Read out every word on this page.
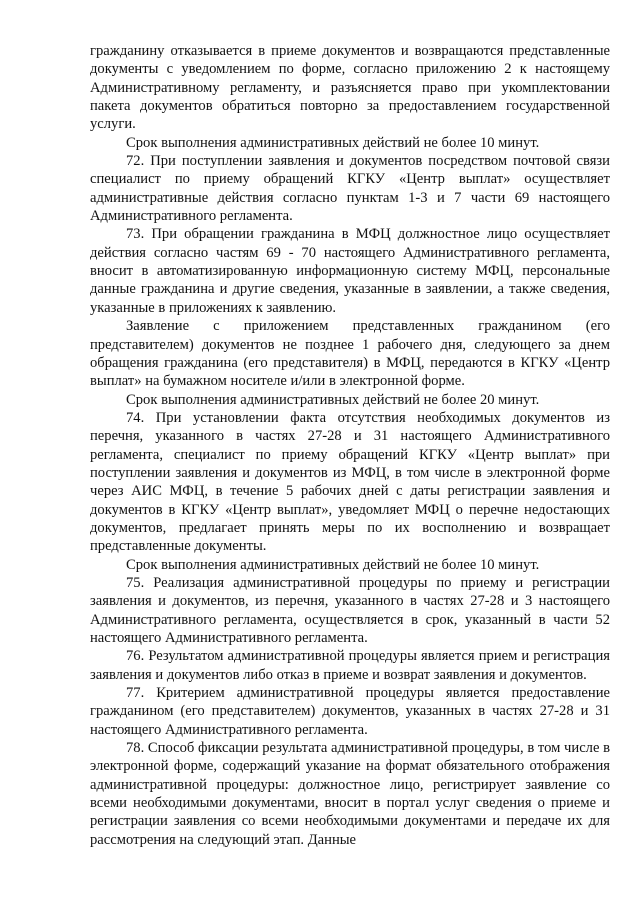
гражданину отказывается в приеме документов и возвращаются представленные документы с уведомлением по форме, согласно приложению 2 к настоящему Административному регламенту, и разъясняется право при укомплектовании пакета документов обратиться повторно за предоставлением государственной услуги.

Срок выполнения административных действий не более 10 минут.

72. При поступлении заявления и документов посредством почтовой связи специалист по приему обращений КГКУ «Центр выплат» осуществляет административные действия согласно пунктам 1-3 и 7 части 69 настоящего Административного регламента.

73. При обращении гражданина в МФЦ должностное лицо осуществляет действия согласно частям 69 - 70 настоящего Административного регламента, вносит в автоматизированную информационную систему МФЦ, персональные данные гражданина и другие сведения, указанные в заявлении, а также сведения, указанные в приложениях к заявлению.

Заявление с приложением представленных гражданином (его представителем) документов не позднее 1 рабочего дня, следующего за днем обращения гражданина (его представителя) в МФЦ, передаются в КГКУ «Центр выплат» на бумажном носителе и/или в электронной форме.

Срок выполнения административных действий не более 20 минут.

74. При установлении факта отсутствия необходимых документов из перечня, указанного в частях 27-28 и 31 настоящего Административного регламента, специалист по приему обращений КГКУ «Центр выплат» при поступлении заявления и документов из МФЦ, в том числе в электронной форме через АИС МФЦ, в течение 5 рабочих дней с даты регистрации заявления и документов в КГКУ «Центр выплат», уведомляет МФЦ о перечне недостающих документов, предлагает принять меры по их восполнению и возвращает представленные документы.

Срок выполнения административных действий не более 10 минут.

75. Реализация административной процедуры по приему и регистрации заявления и документов, из перечня, указанного в частях 27-28 и 3 настоящего Административного регламента, осуществляется в срок, указанный в части 52 настоящего Административного регламента.

76. Результатом административной процедуры является прием и регистрация заявления и документов либо отказ в приеме и возврат заявления и документов.

77. Критерием административной процедуры является предоставление гражданином (его представителем) документов, указанных в частях 27-28 и 31 настоящего Административного регламента.

78. Способ фиксации результата административной процедуры, в том числе в электронной форме, содержащий указание на формат обязательного отображения административной процедуры: должностное лицо, регистрирует заявление со всеми необходимыми документами, вносит в портал услуг сведения о приеме и регистрации заявления со всеми необходимыми документами и передаче их для рассмотрения на следующий этап. Данные
